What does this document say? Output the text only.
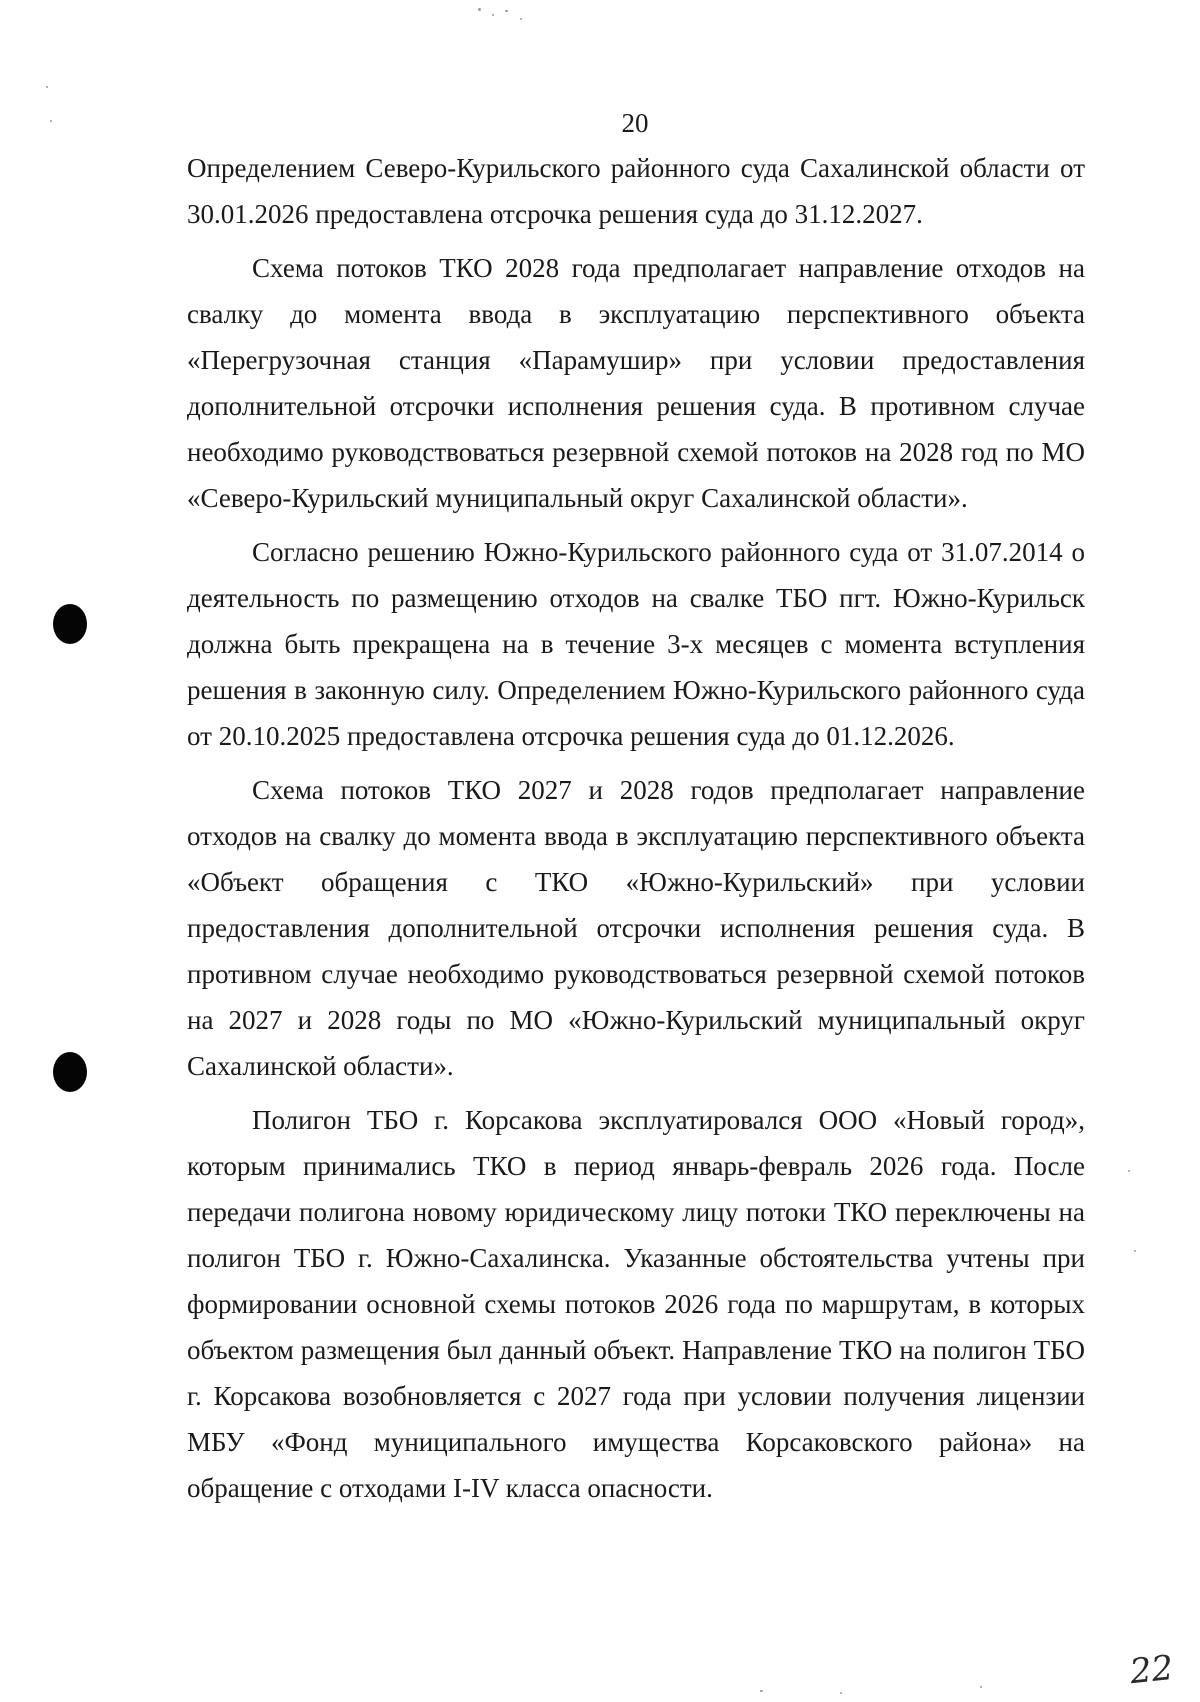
20

Определением Северо-Курильского районного суда Сахалинской области от 30.01.2026 предоставлена отсрочка решения суда до 31.12.2027.

Схема потоков ТКО 2028 года предполагает направление отходов на свалку до момента ввода в эксплуатацию перспективного объекта «Перегрузочная станция «Парамушир» при условии предоставления дополнительной отсрочки исполнения решения суда. В противном случае необходимо руководствоваться резервной схемой потоков на 2028 год по МО «Северо-Курильский муниципальный округ Сахалинской области».

Согласно решению Южно-Курильского районного суда от 31.07.2014 о деятельность по размещению отходов на свалке ТБО пгт. Южно-Курильск должна быть прекращена на в течение 3-х месяцев с момента вступления решения в законную силу. Определением Южно-Курильского районного суда от 20.10.2025 предоставлена отсрочка решения суда до 01.12.2026.

Схема потоков ТКО 2027 и 2028 годов предполагает направление отходов на свалку до момента ввода в эксплуатацию перспективного объекта «Объект обращения с ТКО «Южно-Курильский» при условии предоставления дополнительной отсрочки исполнения решения суда. В противном случае необходимо руководствоваться резервной схемой потоков на 2027 и 2028 годы по МО «Южно-Курильский муниципальный округ Сахалинской области».

Полигон ТБО г. Корсакова эксплуатировался ООО «Новый город», которым принимались ТКО в период январь-февраль 2026 года. После передачи полигона новому юридическому лицу потоки ТКО переключены на полигон ТБО г. Южно-Сахалинска. Указанные обстоятельства учтены при формировании основной схемы потоков 2026 года по маршрутам, в которых объектом размещения был данный объект. Направление ТКО на полигон ТБО г. Корсакова возобновляется с 2027 года при условии получения лицензии МБУ «Фонд муниципального имущества Корсаковского района» на обращение с отходами I-IV класса опасности.

22
